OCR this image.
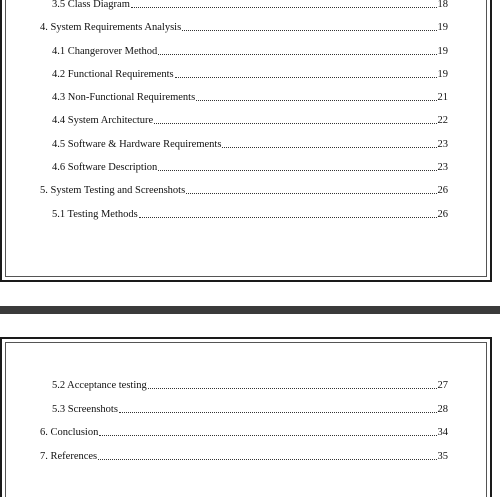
3.5 Class Diagram	18
4. System Requirements Analysis	19
4.1 Changerover Method	19
4.2 Functional Requirements	19
4.3 Non-Functional Requirements	21
4.4 System Architecture	22
4.5 Software & Hardware Requirements	23
4.6 Software Description	23
5. System Testing and Screenshots	26
5.1 Testing Methods	26
5.2 Acceptance testing	27
5.3 Screenshots	28
6. Conclusion	34
7. References	35
